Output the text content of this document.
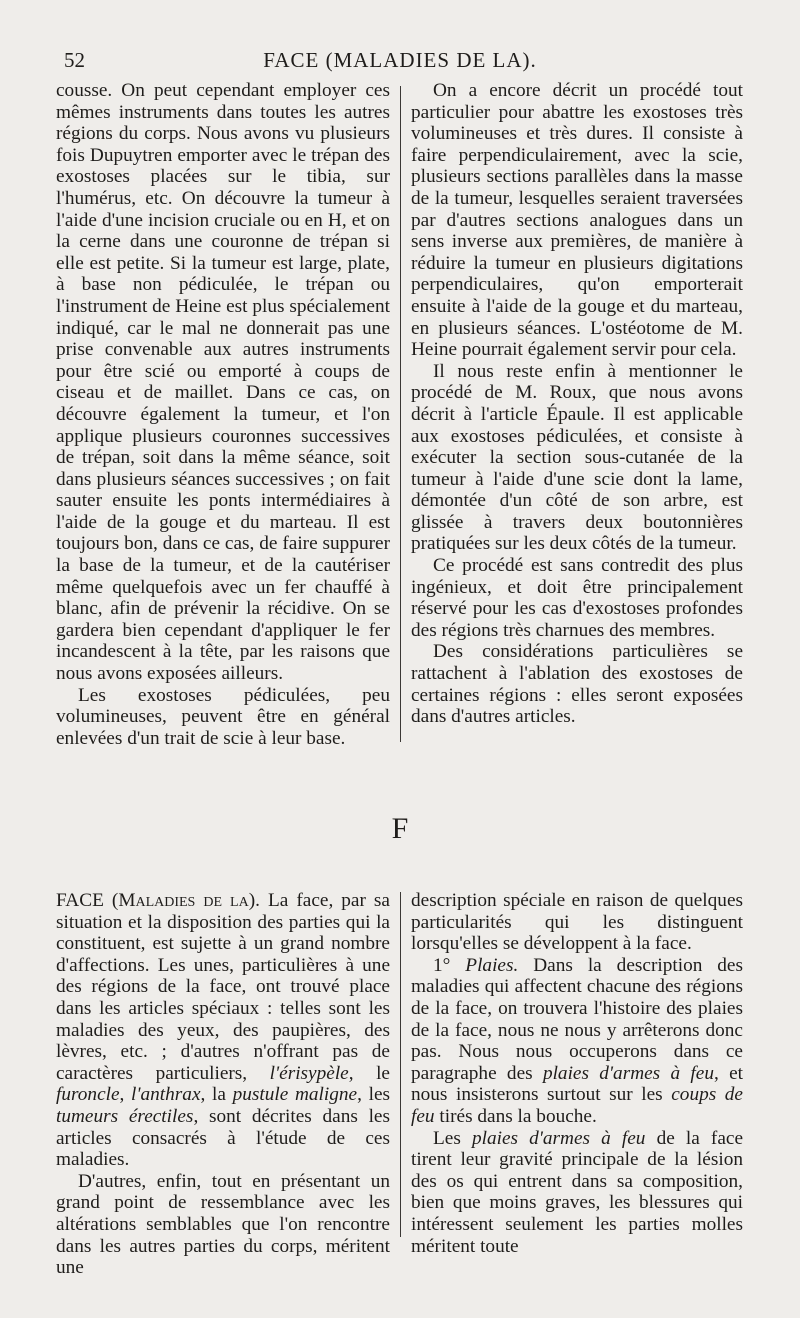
52	FACE (MALADIES DE LA).

cousse. On peut cependant employer ces mêmes instruments dans toutes les autres régions du corps. Nous avons vu plusieurs fois Dupuytren emporter avec le trépan des exostoses placées sur le tibia, sur l'humérus, etc. On découvre la tumeur à l'aide d'une incision cruciale ou en H, et on la cerne dans une couronne de trépan si elle est petite. Si la tumeur est large, plate, à base non pédiculée, le trépan ou l'instrument de Heine est plus spécialement indiqué, car le mal ne donnerait pas une prise convenable aux autres instruments pour être scié ou emporté à coups de ciseau et de maillet. Dans ce cas, on découvre également la tumeur, et l'on applique plusieurs couronnes successives de trépan, soit dans la même séance, soit dans plusieurs séances successives ; on fait sauter ensuite les ponts intermédiaires à l'aide de la gouge et du marteau. Il est toujours bon, dans ce cas, de faire suppurer la base de la tumeur, et de la cautériser même quelquefois avec un fer chauffé à blanc, afin de prévenir la récidive. On se gardera bien cependant d'appliquer le fer incandescent à la tête, par les raisons que nous avons exposées ailleurs.

Les exostoses pédiculées, peu volumineuses, peuvent être en général enlevées d'un trait de scie à leur base.

On a encore décrit un procédé tout particulier pour abattre les exostoses très volumineuses et très dures. Il consiste à faire perpendiculairement, avec la scie, plusieurs sections parallèles dans la masse de la tumeur, lesquelles seraient traversées par d'autres sections analogues dans un sens inverse aux premières, de manière à réduire la tumeur en plusieurs digitations perpendiculaires, qu'on emporterait ensuite à l'aide de la gouge et du marteau, en plusieurs séances. L'ostéotome de M. Heine pourrait également servir pour cela.

Il nous reste enfin à mentionner le procédé de M. Roux, que nous avons décrit à l'article Épaule. Il est applicable aux exostoses pédiculées, et consiste à exécuter la section sous-cutanée de la tumeur à l'aide d'une scie dont la lame, démontée d'un côté de son arbre, est glissée à travers deux boutonnières pratiquées sur les deux côtés de la tumeur.

Ce procédé est sans contredit des plus ingénieux, et doit être principalement réservé pour les cas d'exostoses profondes des régions très charnues des membres.

Des considérations particulières se rattachent à l'ablation des exostoses de certaines régions : elles seront exposées dans d'autres articles.

F

FACE (Maladies de la). La face, par sa situation et la disposition des parties qui la constituent, est sujette à un grand nombre d'affections. Les unes, particulières à une des régions de la face, ont trouvé place dans les articles spéciaux : telles sont les maladies des yeux, des paupières, des lèvres, etc. ; d'autres n'offrant pas de caractères particuliers, l'érisypèle, le furoncle, l'anthrax, la pustule maligne, les tumeurs érectiles, sont décrites dans les articles consacrés à l'étude de ces maladies.

D'autres, enfin, tout en présentant un grand point de ressemblance avec les altérations semblables que l'on rencontre dans les autres parties du corps, méritent une

description spéciale en raison de quelques particularités qui les distinguent lorsqu'elles se développent à la face.

1° Plaies. Dans la description des maladies qui affectent chacune des régions de la face, on trouvera l'histoire des plaies de la face, nous ne nous y arrêterons donc pas. Nous nous occuperons dans ce paragraphe des plaies d'armes à feu, et nous insisterons surtout sur les coups de feu tirés dans la bouche.

Les plaies d'armes à feu de la face tirent leur gravité principale de la lésion des os qui entrent dans sa composition, bien que moins graves, les blessures qui intéressent seulement les parties molles méritent toute
